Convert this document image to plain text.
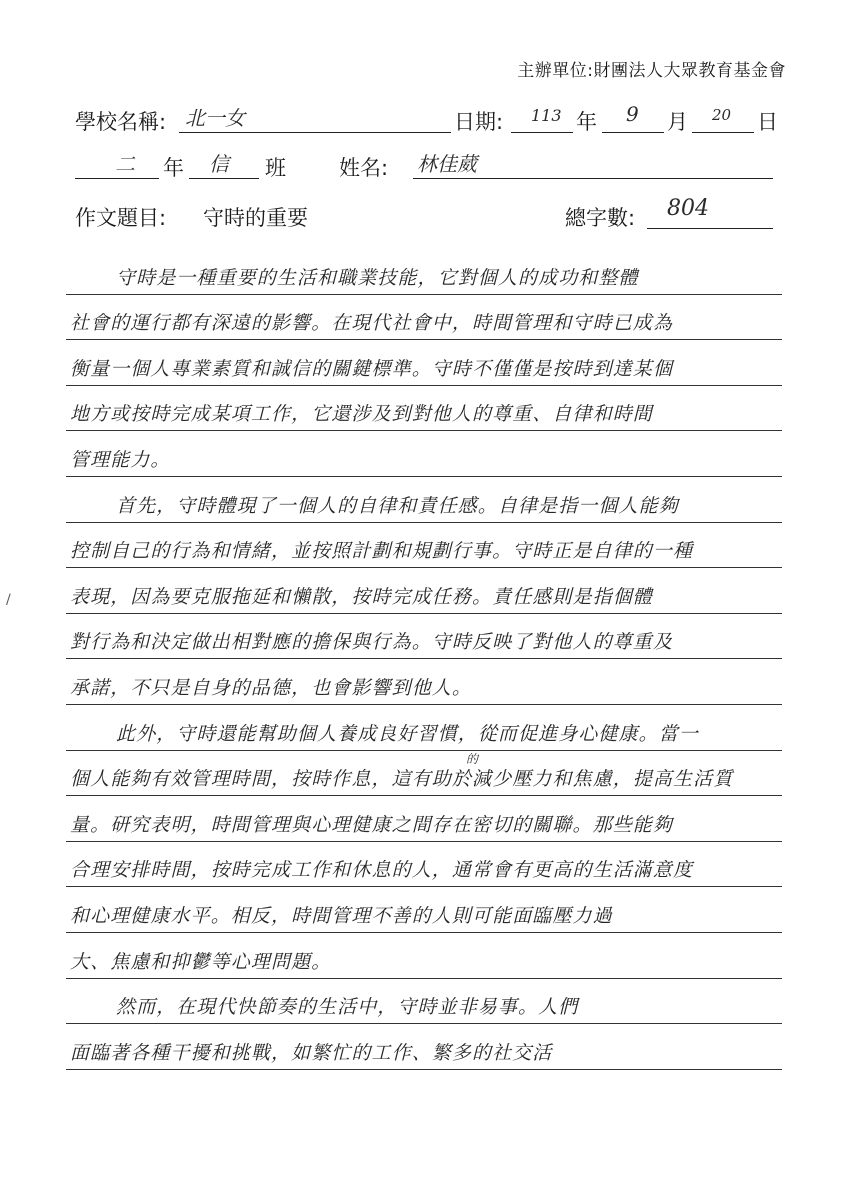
主辦單位:財團法人大眾教育基金會
學校名稱: 北一女	日期: 113 年 9 月 20 日
二 年 信 班	姓名: 林佳葳
作文題目: 守時的重要	總字數: 804
/
的
守時是一種重要的生活和職業技能，它對個人的成功和整體
社會的運行都有深遠的影響。在現代社會中，時間管理和守時已成為
衡量一個人專業素質和誠信的關鍵標準。守時不僅僅是按時到達某個
地方或按時完成某項工作，它還涉及到對他人的尊重、自律和時間
管理能力。
首先，守時體現了一個人的自律和責任感。自律是指一個人能夠
控制自己的行為和情緒，並按照計劃和規劃行事。守時正是自律的一種
表現，因為要克服拖延和懶散，按時完成任務。責任感則是指個體
對行為和決定做出相對應的擔保與行為。守時反映了對他人的尊重及
承諾，不只是自身的品德，也會影響到他人。
此外，守時還能幫助個人養成良好習慣，從而促進身心健康。當一
個人能夠有效管理時間，按時作息，這有助於減少壓力和焦慮，提高生活質
量。研究表明，時間管理與心理健康之間存在密切的關聯。那些能夠
合理安排時間，按時完成工作和休息的人，通常會有更高的生活滿意度
和心理健康水平。相反，時間管理不善的人則可能面臨壓力過
大、焦慮和抑鬱等心理問題。
然而，在現代快節奏的生活中，守時並非易事。人們
面臨著各種干擾和挑戰，如繁忙的工作、繁多的社交活
